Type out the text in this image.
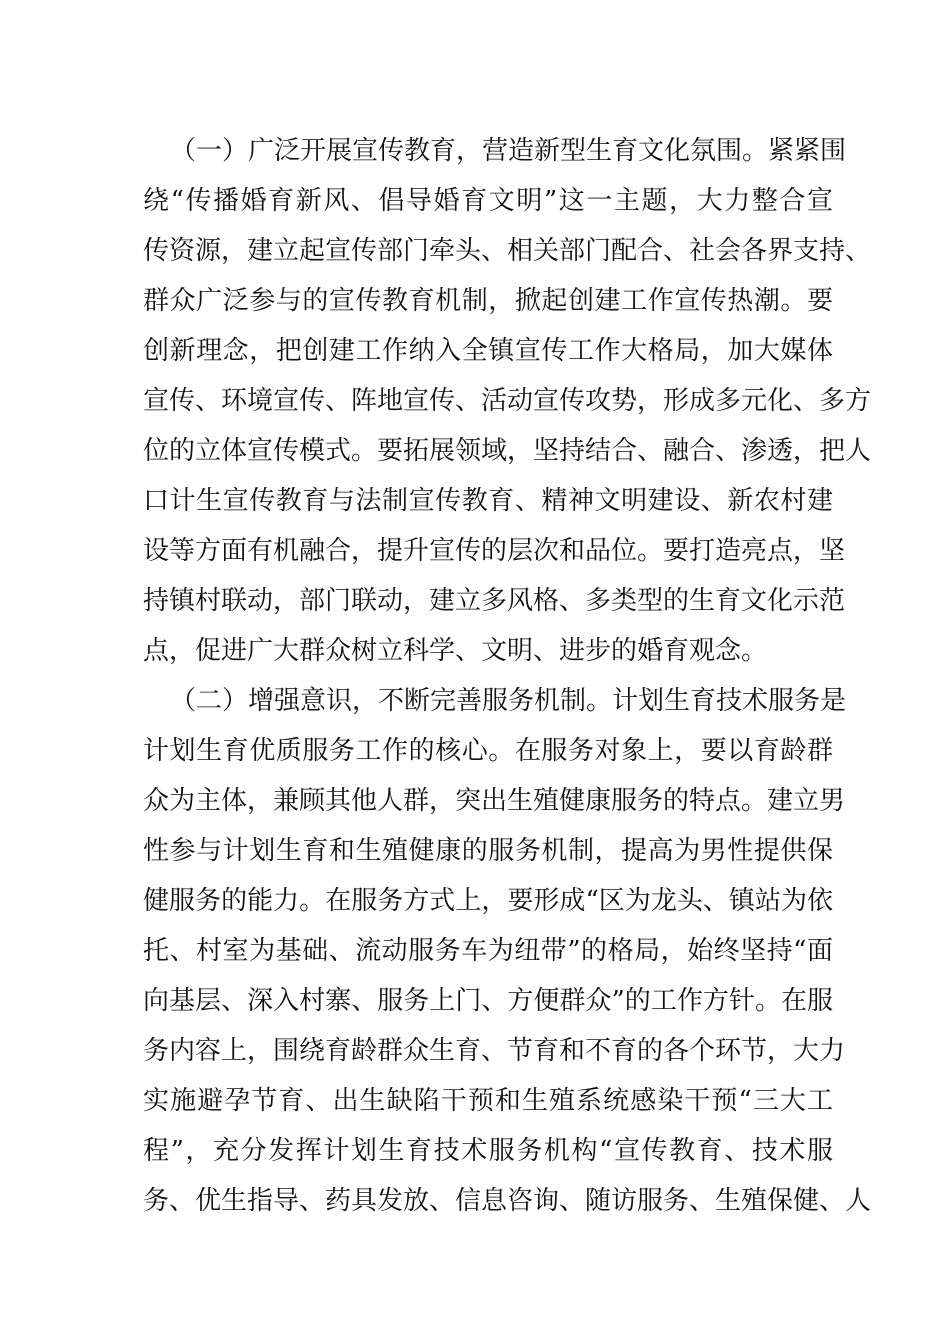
（一）广泛开展宣传教育，营造新型生育文化氛围。紧紧围
绕“传播婚育新风、倡导婚育文明”这一主题，大力整合宣
传资源，建立起宣传部门牵头、相关部门配合、社会各界支持、
群众广泛参与的宣传教育机制，掀起创建工作宣传热潮。要
创新理念，把创建工作纳入全镇宣传工作大格局，加大媒体
宣传、环境宣传、阵地宣传、活动宣传攻势，形成多元化、多方
位的立体宣传模式。要拓展领域，坚持结合、融合、渗透，把人
口计生宣传教育与法制宣传教育、精神文明建设、新农村建
设等方面有机融合，提升宣传的层次和品位。要打造亮点，坚
持镇村联动，部门联动，建立多风格、多类型的生育文化示范
点，促进广大群众树立科学、文明、进步的婚育观念。
（二）增强意识，不断完善服务机制。计划生育技术服务是
计划生育优质服务工作的核心。在服务对象上，要以育龄群
众为主体，兼顾其他人群，突出生殖健康服务的特点。建立男
性参与计划生育和生殖健康的服务机制，提高为男性提供保
健服务的能力。在服务方式上，要形成“区为龙头、镇站为依
托、村室为基础、流动服务车为纽带”的格局，始终坚持“面
向基层、深入村寨、服务上门、方便群众”的工作方针。在服
务内容上，围绕育龄群众生育、节育和不育的各个环节，大力
实施避孕节育、出生缺陷干预和生殖系统感染干预“三大工
程”，充分发挥计划生育技术服务机构“宣传教育、技术服
务、优生指导、药具发放、信息咨询、随访服务、生殖保健、人
